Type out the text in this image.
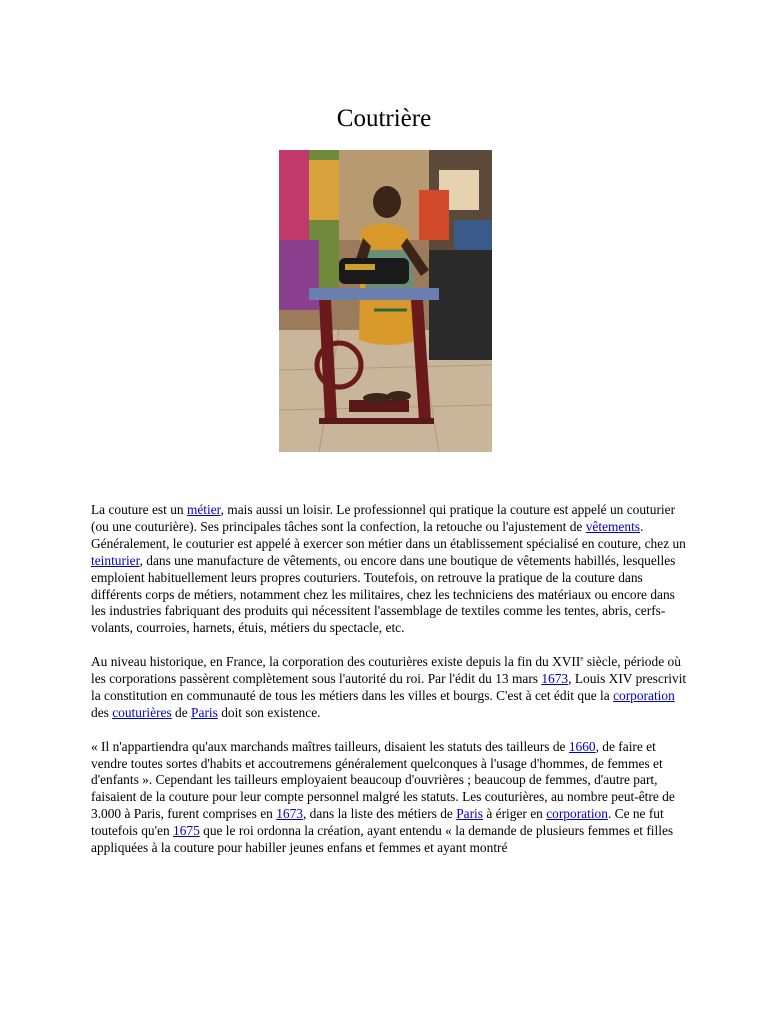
Coutrière

La couture est un métier, mais aussi un loisir. Le professionnel qui pratique la couture est appelé un couturier (ou une couturière). Ses principales tâches sont la confection, la retouche ou l'ajustement de vêtements. Généralement, le couturier est appelé à exercer son métier dans un établissement spécialisé en couture, chez un teinturier, dans une manufacture de vêtements, ou encore dans une boutique de vêtements habillés, lesquelles emploient habituellement leurs propres couturiers. Toutefois, on retrouve la pratique de la couture dans différents corps de métiers, notamment chez les militaires, chez les techniciens des matériaux ou encore dans les industries fabriquant des produits qui nécessitent l'assemblage de textiles comme les tentes, abris, cerfs-volants, courroies, harnets, étuis, métiers du spectacle, etc.

Au niveau historique, en France, la corporation des couturières existe depuis la fin du XVIIe siècle, période où les corporations passèrent complètement sous l'autorité du roi. Par l'édit du 13 mars 1673, Louis XIV prescrivit la constitution en communauté de tous les métiers dans les villes et bourgs. C'est à cet édit que la corporation des couturières de Paris doit son existence.

« Il n'appartiendra qu'aux marchands maîtres tailleurs, disaient les statuts des tailleurs de 1660, de faire et vendre toutes sortes d'habits et accoutremens généralement quelconques à l'usage d'hommes, de femmes et d'enfants ». Cependant les tailleurs employaient beaucoup d'ouvrières ; beaucoup de femmes, d'autre part, faisaient de la couture pour leur compte personnel malgré les statuts. Les couturières, au nombre peut-être de 3.000 à Paris, furent comprises en 1673, dans la liste des métiers de Paris à ériger en corporation. Ce ne fut toutefois qu'en 1675 que le roi ordonna la création, ayant entendu « la demande de plusieurs femmes et filles appliquées à la couture pour habiller jeunes enfans et femmes et ayant montré
